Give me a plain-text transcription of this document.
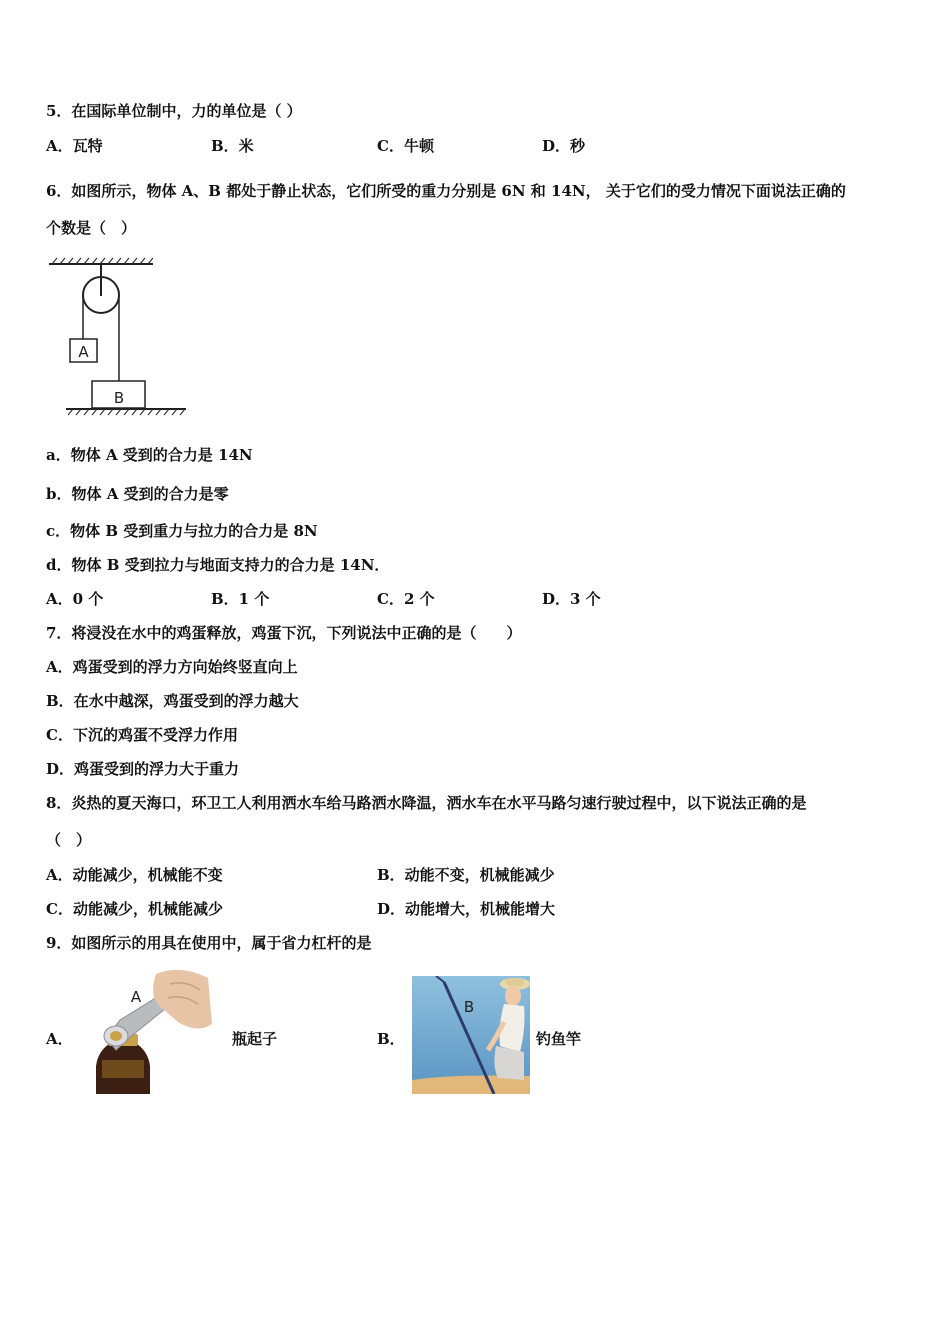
5．在国际单位制中，力的单位是（ ）
A．瓦特	B．米	C．牛顿	D．秒
6．如图所示，物体 A、B 都处于静止状态，它们所受的重力分别是 6N 和 14N， 关于它们的受力情况下面说法正确的
个数是（　）
A
B
a．物体 A 受到的合力是 14N
b．物体 A 受到的合力是零
c．物体 B 受到重力与拉力的合力是 8N
d．物体 B 受到拉力与地面支持力的合力是 14N．
A．0 个	B．1 个	C．2 个	D．3 个
7．将浸没在水中的鸡蛋释放，鸡蛋下沉，下列说法中正确的是（　　）
A．鸡蛋受到的浮力方向始终竖直向上
B．在水中越深，鸡蛋受到的浮力越大
C．下沉的鸡蛋不受浮力作用
D．鸡蛋受到的浮力大于重力
8．炎热的夏天海口，环卫工人利用洒水车给马路洒水降温，洒水车在水平马路匀速行驶过程中，以下说法正确的是
（　）
A．动能减少，机械能不变	B．动能不变，机械能减少
C．动能减少，机械能减少	D．动能增大，机械能增大
9．如图所示的用具在使用中，属于省力杠杆的是
A．
A
瓶起子	B．
B
钓鱼竿
